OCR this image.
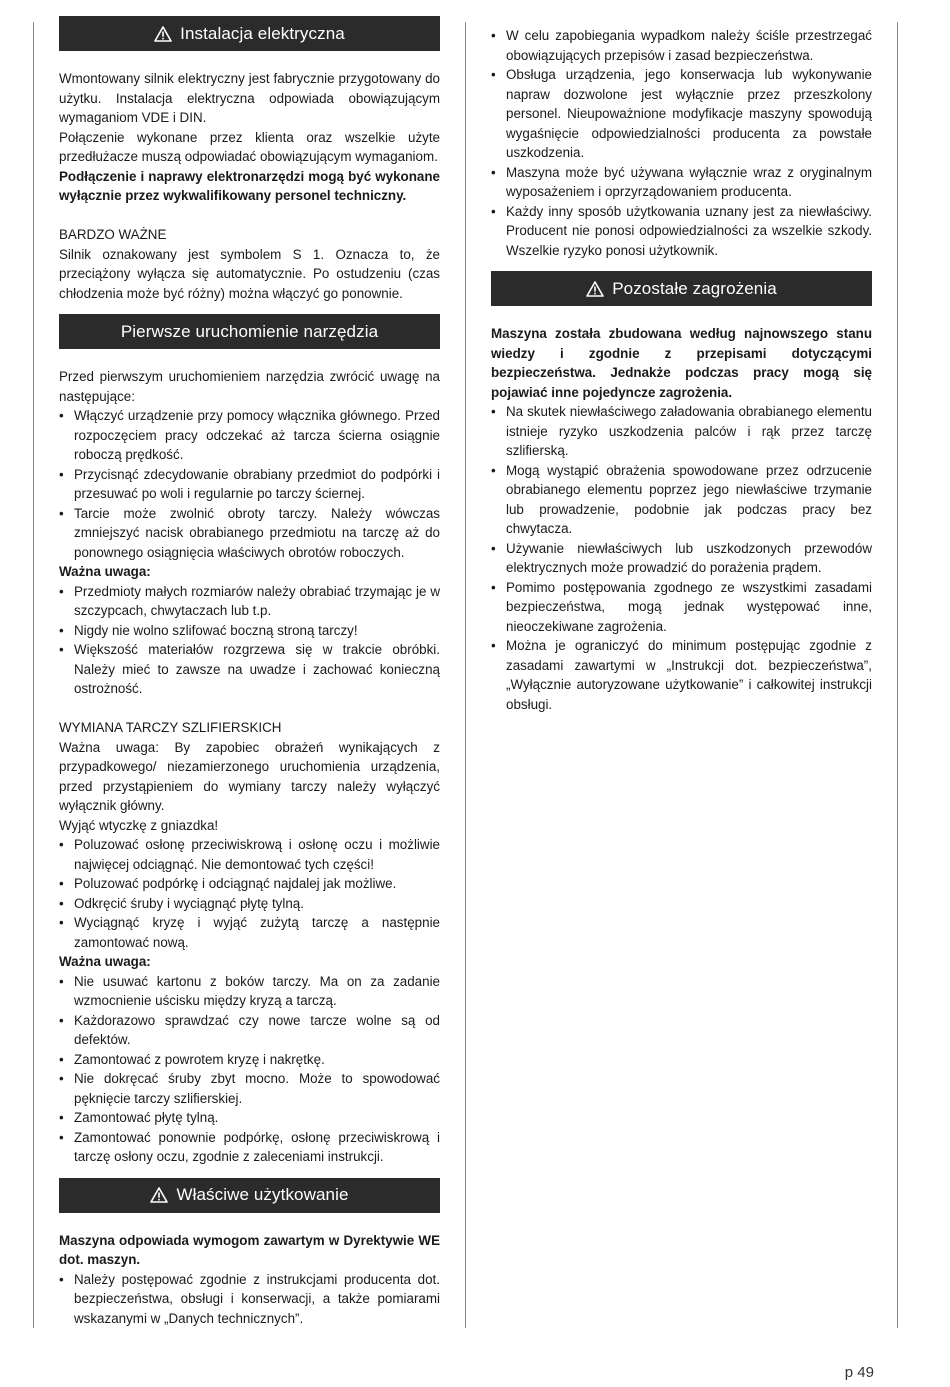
Instalacja elektryczna

Wmontowany silnik elektryczny jest fabrycznie przygotowany do użytku. Instalacja elektryczna odpowiada obowiązującym wymaganiom VDE i DIN.

Połączenie wykonane przez klienta oraz wszelkie użyte przedłużacze muszą odpowiadać obowiązującym wymaganiom.

Podłączenie i naprawy elektronarzędzi mogą być wykonane wyłącznie przez wykwalifikowany personel techniczny.

BARDZO WAŻNE

Silnik oznakowany jest symbolem S 1. Oznacza to, że przeciążony wyłącza się automatycznie. Po ostudzeniu (czas chłodzenia może być różny) można włączyć go ponownie.

Pierwsze uruchomienie narzędzia

Przed pierwszym uruchomieniem narzędzia zwrócić uwagę na następujące:

• Włączyć urządzenie przy pomocy włącznika głównego. Przed rozpoczęciem pracy odczekać aż tarcza ścierna osiągnie roboczą prędkość.
• Przycisnąć zdecydowanie obrabiany przedmiot do podpórki i przesuwać po woli i regularnie po tarczy ściernej.
• Tarcie może zwolnić obroty tarczy. Należy wówczas zmniejszyć nacisk obrabianego przedmiotu na tarczę aż do ponownego osiągnięcia właściwych obrotów roboczych.

Ważna uwaga:

• Przedmioty małych rozmiarów należy obrabiać trzymając je w szczypcach, chwytaczach lub t.p.
• Nigdy nie wolno szlifować boczną stroną tarczy!
• Większość materiałów rozgrzewa się w trakcie obróbki. Należy mieć to zawsze na uwadze i zachować konieczną ostrożność.

WYMIANA TARCZY SZLIFIERSKICH

Ważna uwaga: By zapobiec obrażeń wynikających z przypadkowego/ niezamierzonego uruchomienia urządzenia, przed przystąpieniem do wymiany tarczy należy wyłączyć wyłącznik główny.

Wyjąć wtyczkę z gniazdka!

• Poluzować osłonę przeciwiskrową i osłonę oczu i możliwie najwięcej odciągnąć. Nie demontować tych części!
• Poluzować podpórkę i odciągnąć najdalej jak możliwe.
• Odkręcić śruby i wyciągnąć płytę tylną.
• Wyciągnąć kryzę i wyjąć zużytą tarczę a następnie zamontować nową.

Ważna uwaga:

• Nie usuwać kartonu z boków tarczy. Ma on za zadanie wzmocnienie uścisku między kryzą a tarczą.
• Każdorazowo sprawdzać czy nowe tarcze wolne są od defektów.
• Zamontować z powrotem kryzę i nakrętkę.
• Nie dokręcać śruby zbyt mocno. Może to spowodować pęknięcie tarczy szlifierskiej.
• Zamontować płytę tylną.
• Zamontować ponownie podpórkę, osłonę przeciwiskrową i tarczę osłony oczu, zgodnie z zaleceniami instrukcji.
Właściwe użytkowanie

Maszyna odpowiada wymogom zawartym w Dyrektywie WE dot. maszyn.

• Należy postępować zgodnie z instrukcjami producenta dot. bezpieczeństwa, obsługi i konserwacji, a także pomiarami wskazanymi w „Danych technicznych”.
• W celu zapobiegania wypadkom należy ściśle przestrzegać obowiązujących przepisów i zasad bezpieczeństwa.
• Obsługa urządzenia, jego konserwacja lub wykonywanie napraw dozwolone jest wyłącznie przez przeszkolony personel. Nieupoważnione modyfikacje maszyny spowodują wygaśnięcie odpowiedzialności producenta za powstałe uszkodzenia.
• Maszyna może być używana wyłącznie wraz z oryginalnym wyposażeniem i oprzyrządowaniem producenta.
• Każdy inny sposób użytkowania uznany jest za niewłaściwy. Producent nie ponosi odpowiedzialności za wszelkie szkody. Wszelkie ryzyko ponosi użytkownik.
Pozostałe zagrożenia

Maszyna została zbudowana według najnowszego stanu wiedzy i zgodnie z przepisami dotyczącymi bezpieczeństwa. Jednakże podczas pracy mogą się pojawiać inne pojedyncze zagrożenia.

• Na skutek niewłaściwego załadowania obrabianego elementu istnieje ryzyko uszkodzenia palców i rąk przez tarczę szlifierską.
• Mogą wystąpić obrażenia spowodowane przez odrzucenie obrabianego elementu poprzez jego niewłaściwe trzymanie lub prowadzenie, podobnie jak podczas pracy bez chwytacza.
• Używanie niewłaściwych lub uszkodzonych przewodów elektrycznych może prowadzić do porażenia prądem.
• Pomimo postępowania zgodnego ze wszystkimi zasadami bezpieczeństwa, mogą jednak występować inne, nieoczekiwane zagrożenia.
• Można je ograniczyć do minimum postępując zgodnie z zasadami zawartymi w „Instrukcji dot. bezpieczeństwa”, „Wyłącznie autoryzowane użytkowanie” i całkowitej instrukcji obsługi.
p 49
